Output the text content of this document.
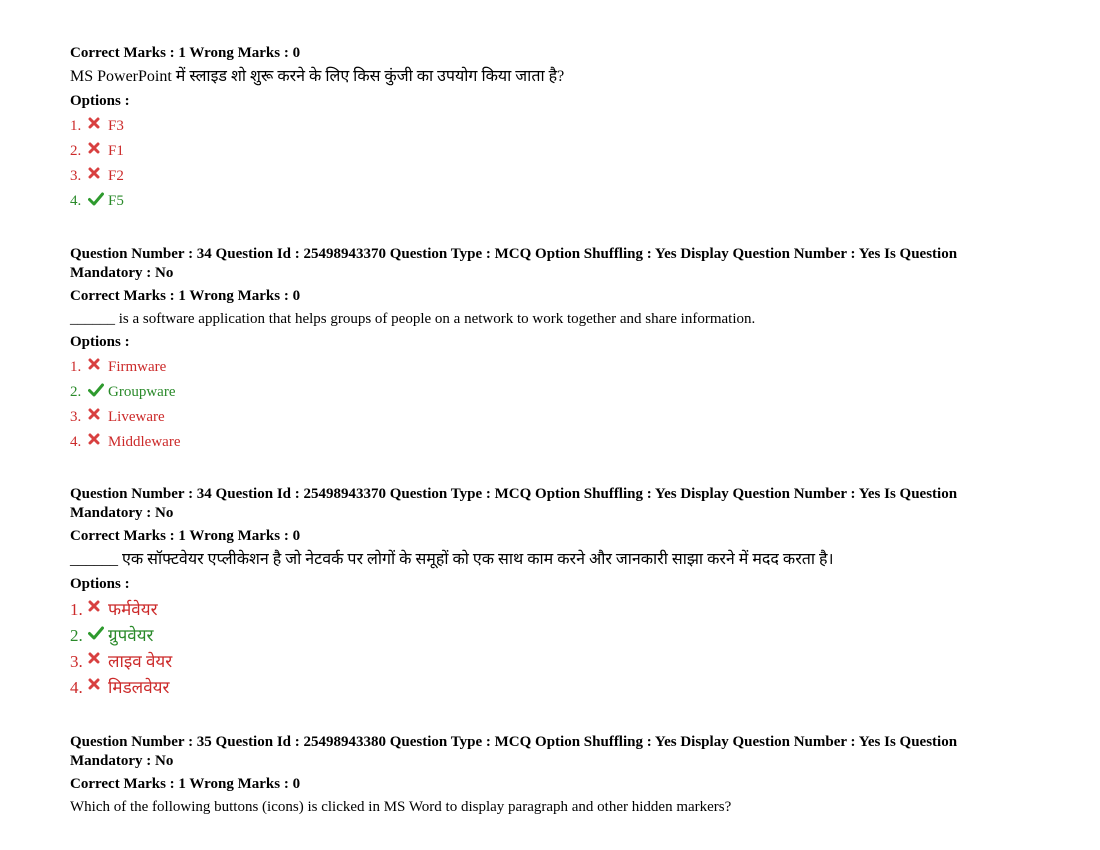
Correct Marks : 1 Wrong Marks : 0
MS PowerPoint में स्लाइड शो शुरू करने के लिए किस कुंजी का उपयोग किया जाता है?
Options :
1.	F3
2.	F1
3.	F2
4.	F5
Question Number : 34 Question Id : 25498943370 Question Type : MCQ Option Shuffling : Yes Display Question Number : Yes Is Question Mandatory : No
Correct Marks : 1 Wrong Marks : 0
______ is a software application that helps groups of people on a network to work together and share information.
Options :
1.	Firmware
2.	Groupware
3.	Liveware
4.	Middleware
Question Number : 34 Question Id : 25498943370 Question Type : MCQ Option Shuffling : Yes Display Question Number : Yes Is Question Mandatory : No
Correct Marks : 1 Wrong Marks : 0
______ एक सॉफ्टवेयर एप्लीकेशन है जो नेटवर्क पर लोगों के समूहों को एक साथ काम करने और जानकारी साझा करने में मदद करता है।
Options :
1.	फर्मवेयर
2.	ग्रुपवेयर
3.	लाइव वेयर
4.	मिडलवेयर
Question Number : 35 Question Id : 25498943380 Question Type : MCQ Option Shuffling : Yes Display Question Number : Yes Is Question Mandatory : No
Correct Marks : 1 Wrong Marks : 0
Which of the following buttons (icons) is clicked in MS Word to display paragraph and other hidden markers?
